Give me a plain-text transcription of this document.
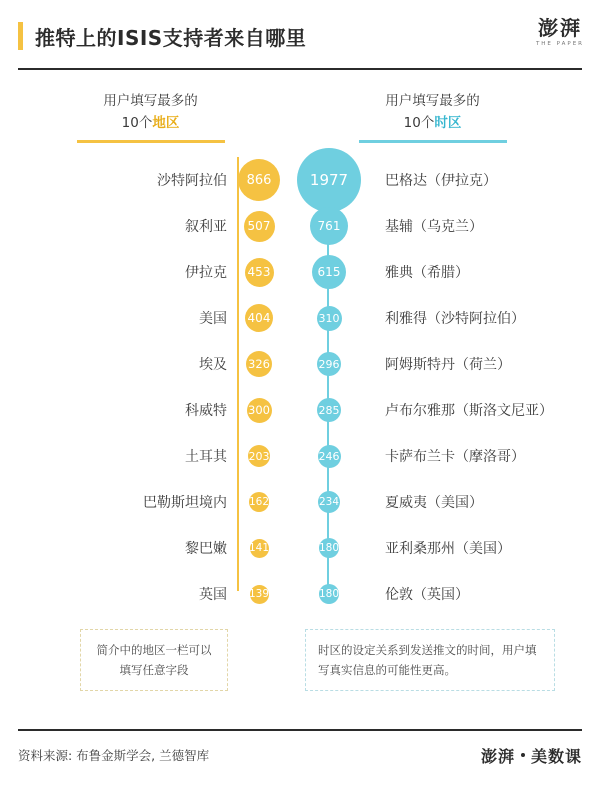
推特上的ISIS支持者来自哪里	澎湃
THE PAPER
用户填写最多的
10个地区
沙特阿拉伯	866
叙利亚	507
伊拉克	453
美国	404
埃及	326
科威特	300
土耳其	203
巴勒斯坦境内	162
黎巴嫩	141
英国	139
简介中的地区一栏可以填写任意字段
用户填写最多的
10个时区
1977	巴格达（伊拉克）
761	基辅（乌克兰）
615	雅典（希腊）
310	利雅得（沙特阿拉伯）
296	阿姆斯特丹（荷兰）
285	卢布尔雅那（斯洛文尼亚）
246	卡萨布兰卡（摩洛哥）
234	夏威夷（美国）
180	亚利桑那州（美国）
180	伦敦（英国）
时区的设定关系到发送推文的时间，用户填写真实信息的可能性更高。
资料来源: 布鲁金斯学会, 兰德智库	澎湃 美数课
